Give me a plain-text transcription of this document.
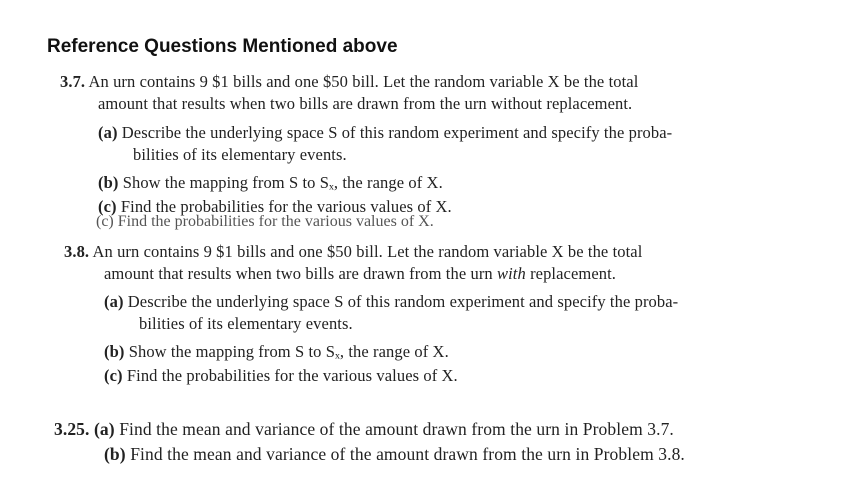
Reference Questions Mentioned above
3.7. An urn contains 9 $1 bills and one $50 bill. Let the random variable X be the total
amount that results when two bills are drawn from the urn without replacement.
(a) Describe the underlying space S of this random experiment and specify the proba-
bilities of its elementary events.
(b) Show the mapping from S to Sₓ, the range of X.
(c) Find the probabilities for the various values of X.
(c) Find the probabilities for the various values of X.
3.8. An urn contains 9 $1 bills and one $50 bill. Let the random variable X be the total
amount that results when two bills are drawn from the urn with replacement.
(a) Describe the underlying space S of this random experiment and specify the proba-
bilities of its elementary events.
(b) Show the mapping from S to Sₓ, the range of X.
(c) Find the probabilities for the various values of X.
3.25. (a) Find the mean and variance of the amount drawn from the urn in Problem 3.7.
(b) Find the mean and variance of the amount drawn from the urn in Problem 3.8.
